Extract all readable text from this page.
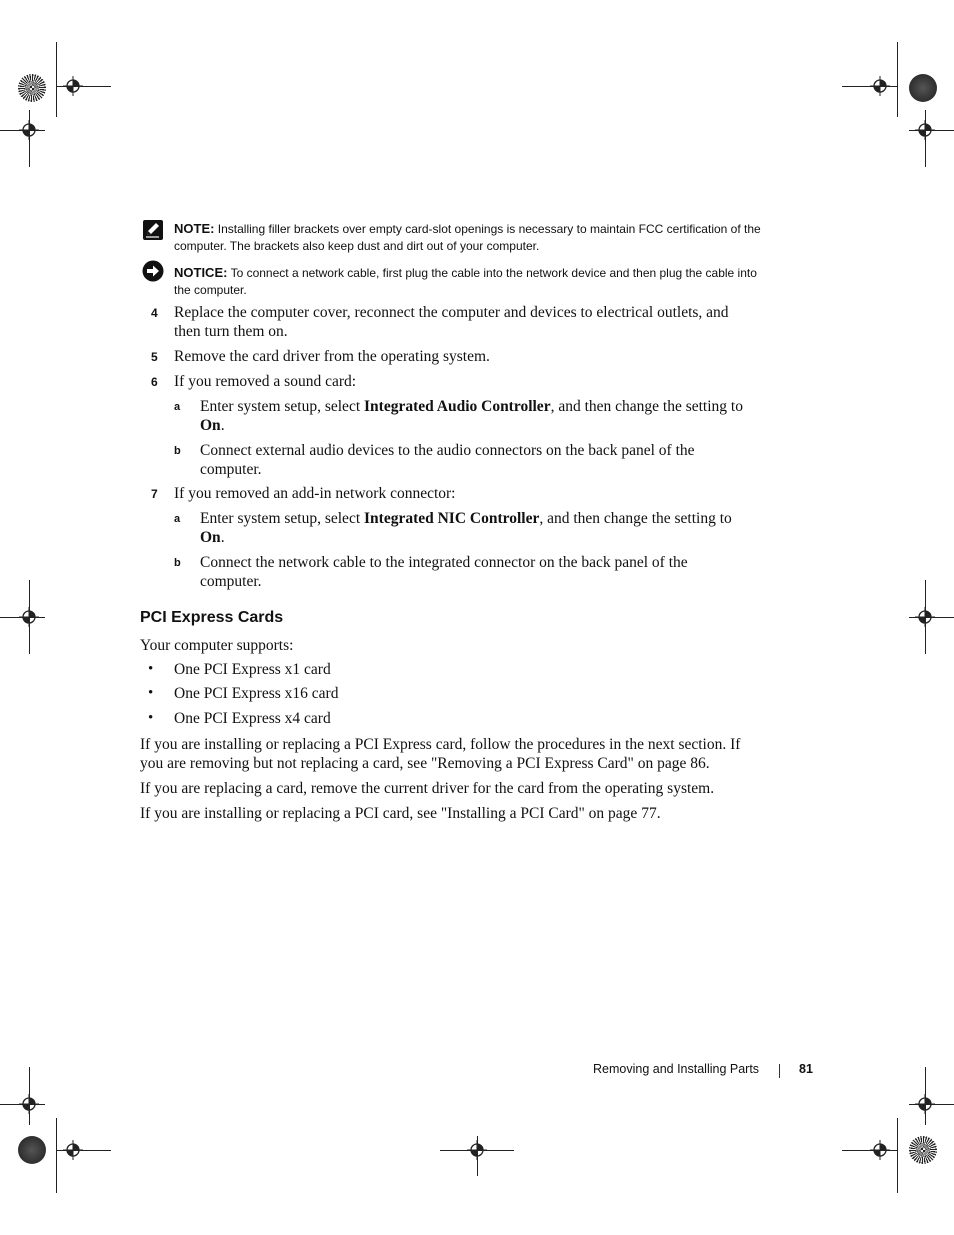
NOTE: Installing filler brackets over empty card-slot openings is necessary to maintain FCC certification of the computer. The brackets also keep dust and dirt out of your computer.
NOTICE: To connect a network cable, first plug the cable into the network device and then plug the cable into the computer.
4 Replace the computer cover, reconnect the computer and devices to electrical outlets, and then turn them on.
5 Remove the card driver from the operating system.
6 If you removed a sound card:
a Enter system setup, select Integrated Audio Controller, and then change the setting to On.
b Connect external audio devices to the audio connectors on the back panel of the computer.
7 If you removed an add-in network connector:
a Enter system setup, select Integrated NIC Controller, and then change the setting to On.
b Connect the network cable to the integrated connector on the back panel of the computer.
PCI Express Cards
Your computer supports:
• One PCI Express x1 card
• One PCI Express x16 card
• One PCI Express x4 card
If you are installing or replacing a PCI Express card, follow the procedures in the next section. If you are removing but not replacing a card, see "Removing a PCI Express Card" on page 86.
If you are replacing a card, remove the current driver for the card from the operating system.
If you are installing or replacing a PCI card, see "Installing a PCI Card" on page 77.
Removing and Installing Parts	81
